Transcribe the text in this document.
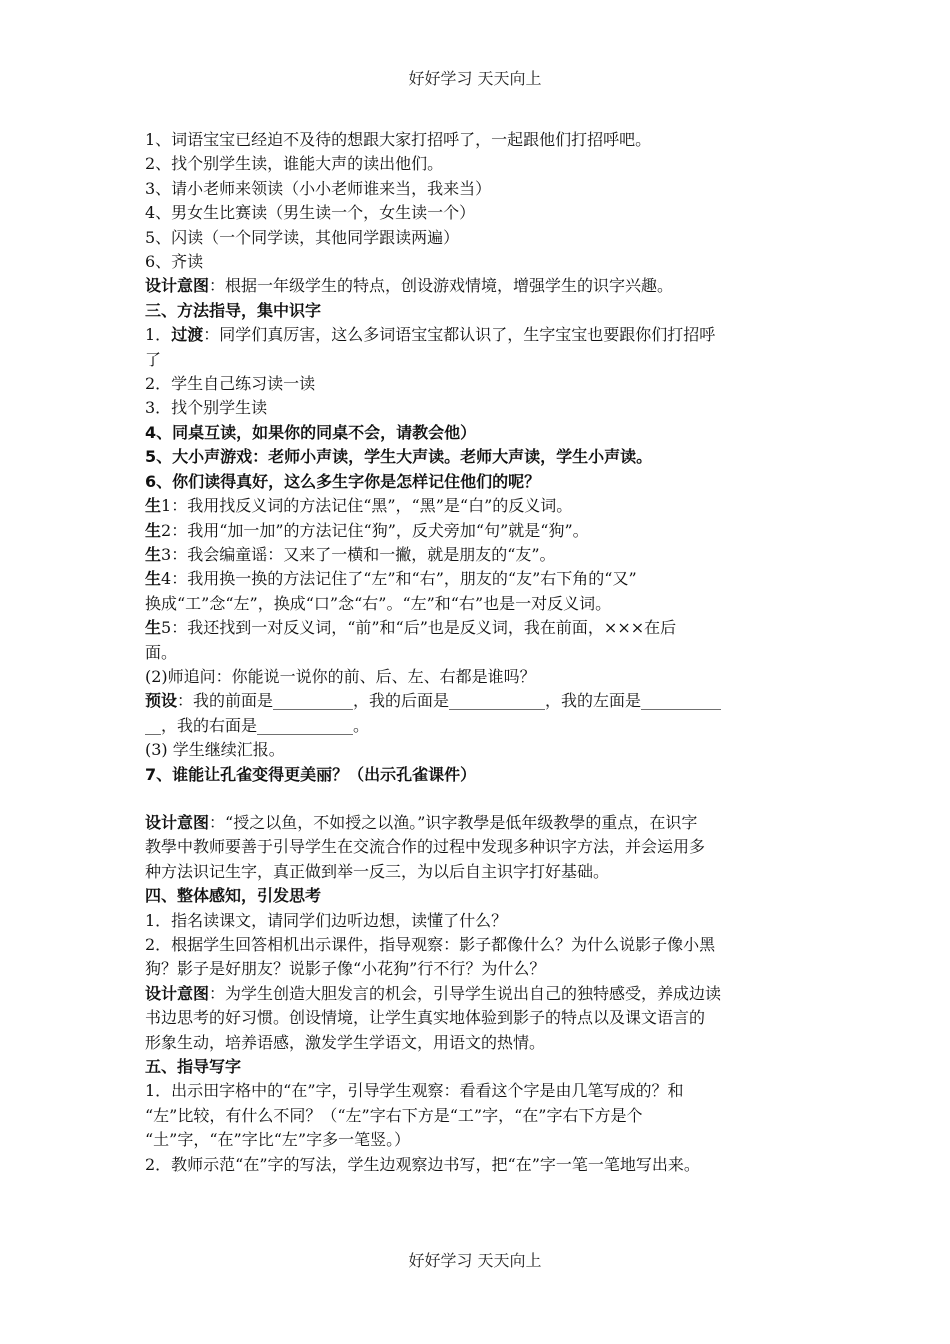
好好学习 天天向上
1、词语宝宝已经迫不及待的想跟大家打招呼了，一起跟他们打招呼吧。
2、找个别学生读，谁能大声的读出他们。
3、请小老师来领读（小小老师谁来当，我来当）
4、男女生比赛读（男生读一个，女生读一个）
5、闪读（一个同学读，其他同学跟读两遍）
6、齐读
设计意图：根据一年级学生的特点，创设游戏情境，增强学生的识字兴趣。
三、方法指导，集中识字
1．过渡：同学们真厉害，这么多词语宝宝都认识了，生字宝宝也要跟你们打招呼
了
2．学生自己练习读一读
3．找个别学生读
4、同桌互读，如果你的同桌不会，请教会他）
5、大小声游戏：老师小声读，学生大声读。老师大声读，学生小声读。
6、你们读得真好，这么多生字你是怎样记住他们的呢？
生1：我用找反义词的方法记住“黑”，“黑”是“白”的反义词。
生2：我用“加一加”的方法记住“狗”，反犬旁加“句”就是“狗”。
生3：我会编童谣：又来了一横和一撇，就是朋友的“友”。
生4：我用换一换的方法记住了“左”和“右”，朋友的“友”右下角的“又”
换成“工”念“左”，换成“口”念“右”。“左”和“右”也是一对反义词。
生5：我还找到一对反义词，“前”和“后”也是反义词，我在前面，×××在后
面。
(2)师追问：你能说一说你的前、后、左、右都是谁吗？
预设：我的前面是__________，我的后面是____________，我的左面是__________
__，我的右面是____________。
(3) 学生继续汇报。
7、谁能让孔雀变得更美丽？（出示孔雀课件）
设计意图：“授之以鱼，不如授之以渔。”识字教學是低年级教學的重点，在识字
教學中教师要善于引导学生在交流合作的过程中发现多种识字方法，并会运用多
种方法识记生字，真正做到举一反三，为以后自主识字打好基础。
四、整体感知，引发思考
1．指名读课文，请同学们边听边想，读懂了什么？
2．根据学生回答相机出示课件，指导观察：影子都像什么？为什么说影子像小黑
狗？影子是好朋友？说影子像“小花狗”行不行？为什么？
设计意图：为学生创造大胆发言的机会，引导学生说出自己的独特感受，养成边读
书边思考的好习惯。创设情境，让学生真实地体验到影子的特点以及课文语言的
形象生动，培养语感，激发学生学语文，用语文的热情。
五、指导写字
1．出示田字格中的“在”字，引导学生观察：看看这个字是由几笔写成的？和
“左”比较，有什么不同？（“左”字右下方是“工”字，“在”字右下方是个
“土”字，“在”字比“左”字多一笔竖。）
2．教师示范“在”字的写法，学生边观察边书写，把“在”字一笔一笔地写出来。
好好学习 天天向上
